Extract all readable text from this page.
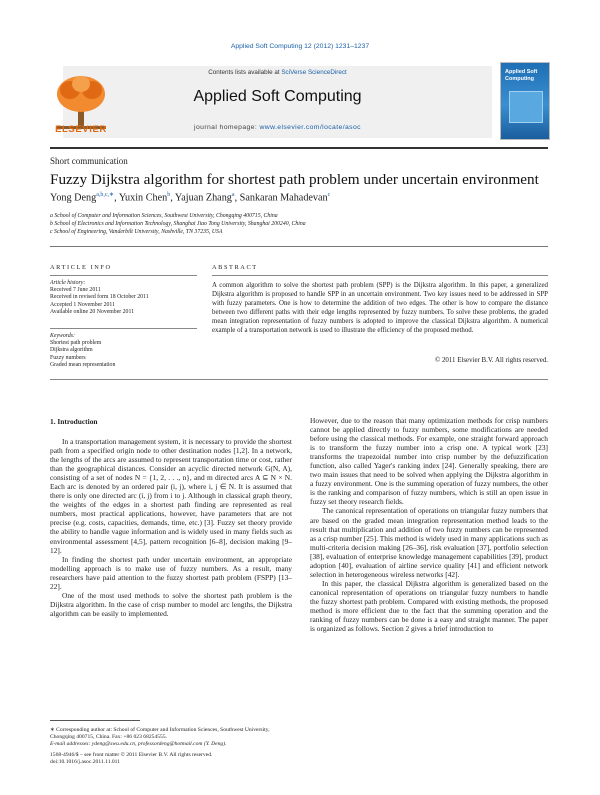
Applied Soft Computing 12 (2012) 1231–1237
Contents lists available at SciVerse ScienceDirect
Applied Soft Computing
journal homepage: www.elsevier.com/locate/asoc
ELSEVIER
Applied Soft Computing
Short communication
Fuzzy Dijkstra algorithm for shortest path problem under uncertain environment
Yong Deng$^{a,b,c,∗}$, Yuxin Chen$^b$, Yajuan Zhang$^a$, Sankaran Mahadevan$^c$
a School of Computer and Information Sciences, Southwest University, Chongqing 400715, China
b School of Electronics and Information Technology, Shanghai Jiao Tong University, Shanghai 200240, China
c School of Engineering, Vanderbilt University, Nashville, TN 37235, USA
ARTICLE INFO
Article history:
Received 7 June 2011
Received in revised form 18 October 2011
Accepted 1 November 2011
Available online 20 November 2011
Keywords:
Shortest path problem
Dijkstra algorithm
Fuzzy numbers
Graded mean representation
ABSTRACT
A common algorithm to solve the shortest path problem (SPP) is the Dijkstra algorithm. In this paper, a generalized Dijkstra algorithm is proposed to handle SPP in an uncertain environment. Two key issues need to be addressed in SPP with fuzzy parameters. One is how to determine the addition of two edges. The other is how to compare the distance between two different paths with their edge lengths represented by fuzzy numbers. To solve these problems, the graded mean integration representation of fuzzy numbers is adopted to improve the classical Dijkstra algorithm. A numerical example of a transportation network is used to illustrate the efficiency of the proposed method.
© 2011 Elsevier B.V. All rights reserved.
1. Introduction

In a transportation management system, it is necessary to provide the shortest path from a specified origin node to other destination nodes [1,2]. In a network, the lengths of the arcs are assumed to represent transportation time or cost, rather than the geographical distances. Consider an acyclic directed network G(N, A), consisting of a set of nodes N = {1, 2, . . ., n}, and m directed arcs A ⊆ N × N. Each arc is denoted by an ordered pair (i, j), where i, j ∈ N. It is assumed that there is only one directed arc (i, j) from i to j. Although in classical graph theory, the weights of the edges in a shortest path finding are represented as real numbers, most practical applications, however, have parameters that are not precise (e.g. costs, capacities, demands, time, etc.) [3]. Fuzzy set theory provide the ability to handle vague information and is widely used in many fields such as environmental assessment [4,5], pattern recognition [6–8], decision making [9–12].

In finding the shortest path under uncertain environment, an appropriate modelling approach is to make use of fuzzy numbers. As a result, many researchers have paid attention to the fuzzy shortest path problem (FSPP) [13–22].

One of the most used methods to solve the shortest path problem is the Dijkstra algorithm. In the case of crisp number to model arc lengths, the Dijkstra algorithm can be easily to implemented.

However, due to the reason that many optimization methods for crisp numbers cannot be applied directly to fuzzy numbers, some modifications are needed before using the classical methods. For example, one straight forward approach is to transform the fuzzy number into a crisp one. A typical work [23] transforms the trapezoidal number into crisp number by the defuzzification function, also called Yager's ranking index [24]. Generally speaking, there are two main issues that need to be solved when applying the Dijkstra algorithm in a fuzzy environment. One is the summing operation of fuzzy numbers, the other is the ranking and comparison of fuzzy numbers, which is still an open issue in fuzzy set theory research fields.

The canonical representation of operations on triangular fuzzy numbers that are based on the graded mean integration representation method leads to the result that multiplication and addition of two fuzzy numbers can be represented as a crisp number [25]. This method is widely used in many applications such as multi-criteria decision making [26–36], risk evaluation [37], portfolio selection [38], evaluation of enterprise knowledge management capabilities [39], product adoption [40], evaluation of airline service quality [41] and efficient network selection in heterogeneous wireless networks [42].

In this paper, the classical Dijkstra algorithm is generalized based on the canonical representation of operations on triangular fuzzy numbers to handle the fuzzy shortest path problem. Compared with existing methods, the proposed method is more efficient due to the fact that the summing operation and the ranking of fuzzy numbers can be done is a easy and straight manner. The paper is organized as follows. Section 2 gives a brief introduction to

∗ Corresponding author at: School of Computer and Information Sciences, Southwest University, Chongqing 400715, China. Fax: +86 023 68254555.
E-mail addresses: ydeng@swu.edu.cn, professordeng@hotmail.com (Y. Deng).
1568-4946/$ – see front matter © 2011 Elsevier B.V. All rights reserved.
doi:10.1016/j.asoc.2011.11.011
